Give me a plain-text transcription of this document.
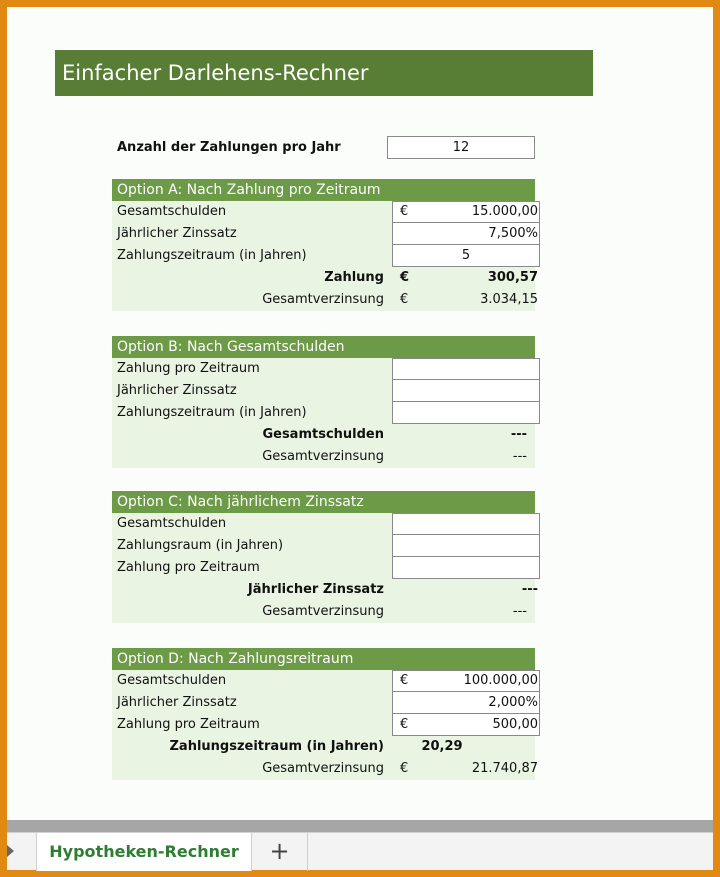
Einfacher Darlehens-Rechner
Anzahl der Zahlungen pro Jahr	12
Option A: Nach Zahlung pro Zeitraum
Gesamtschulden	€	15.000,00
Jährlicher Zinssatz	7,500%
Zahlungszeitraum (in Jahren)	5
Zahlung €	300,57
Gesamtverzinsung €	3.034,15
Option B: Nach Gesamtschulden
Zahlung pro Zeitraum
Jährlicher Zinssatz
Zahlungszeitraum (in Jahren)
Gesamtschulden	---
Gesamtverzinsung	---
Option C: Nach jährlichem Zinssatz
Gesamtschulden
Zahlungsraum (in Jahren)
Zahlung pro Zeitraum
Jährlicher Zinssatz	---
Gesamtverzinsung	---
Option D: Nach Zahlungsreitraum
Gesamtschulden	€	100.000,00
Jährlicher Zinssatz	2,000%
Zahlung pro Zeitraum	€	500,00
Zahlungszeitraum (in Jahren)	20,29
Gesamtverzinsung €	21.740,87
Hypotheken-Rechner	+
